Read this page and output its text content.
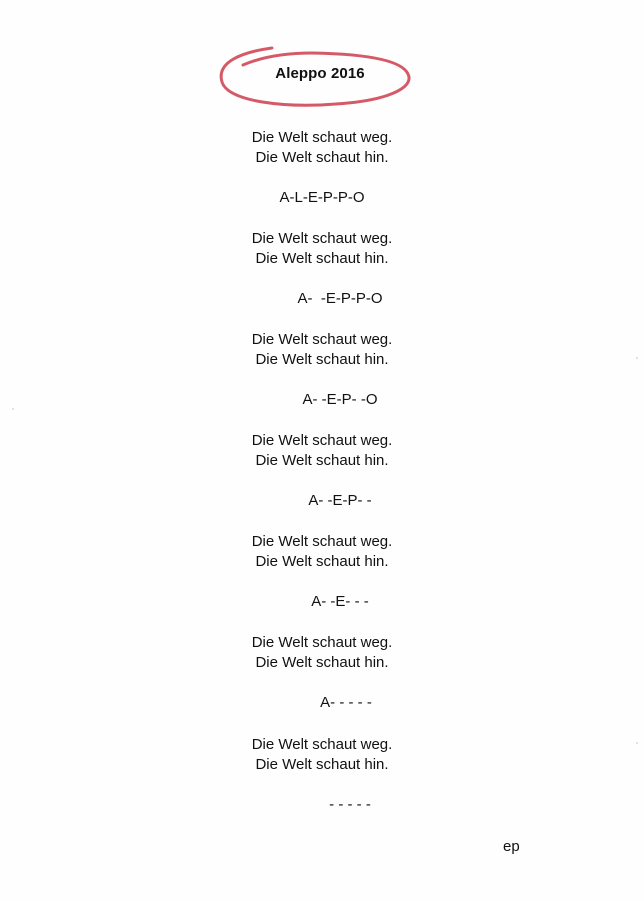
Aleppo 2016
Die Welt schaut weg.
Die Welt schaut hin.
A-L-E-P-P-O
Die Welt schaut weg.
Die Welt schaut hin.
A-  -E-P-P-O
Die Welt schaut weg.
Die Welt schaut hin.
A- -E-P- -O
Die Welt schaut weg.
Die Welt schaut hin.
A- -E-P- -
Die Welt schaut weg.
Die Welt schaut hin.
A- -E- - -
Die Welt schaut weg.
Die Welt schaut hin.
A- - - - -
Die Welt schaut weg.
Die Welt schaut hin.
- - - - -
ep
